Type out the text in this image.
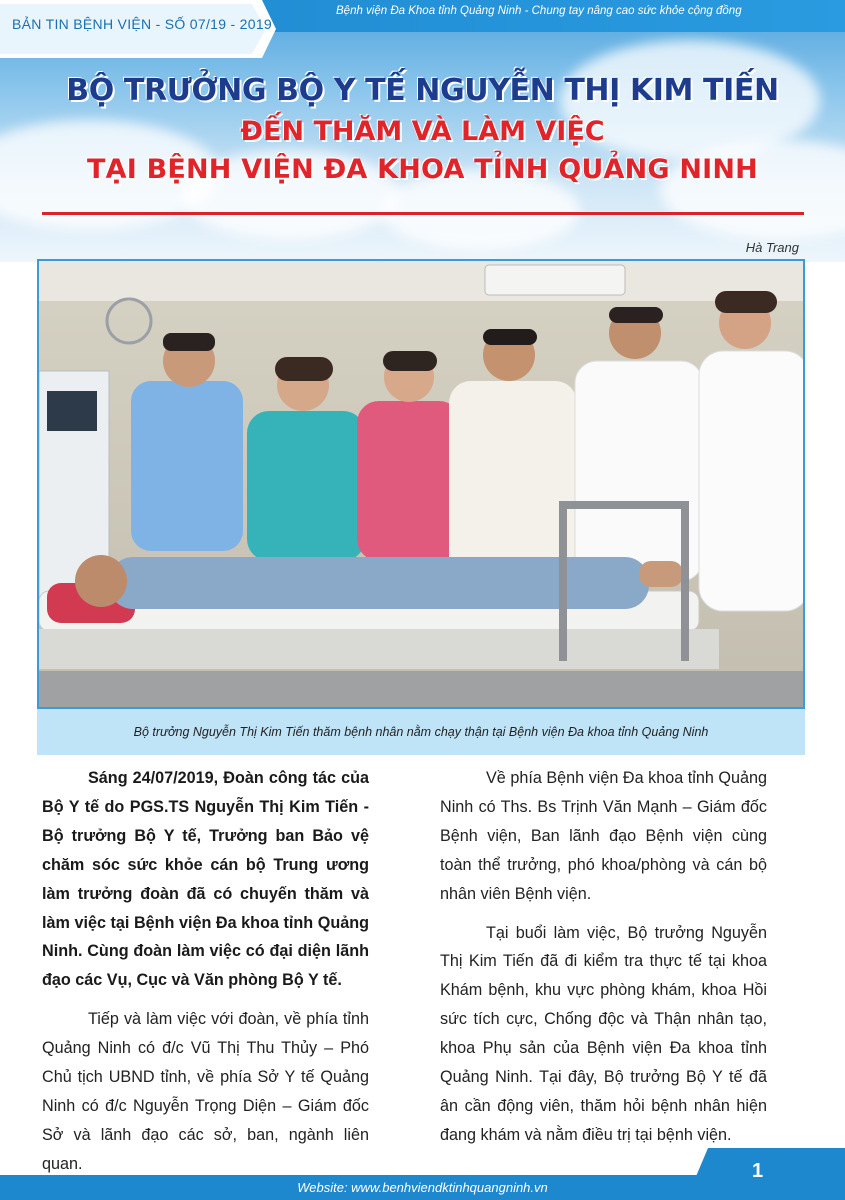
BẢN TIN BỆNH VIỆN - SỐ 07/19 - 2019
Bệnh viện Đa Khoa tỉnh Quảng Ninh - Chung tay nâng cao sức khỏe cộng đồng
BỘ TRƯỞNG BỘ Y TẾ NGUYỄN THỊ KIM TIẾN
ĐẾN THĂM VÀ LÀM VIỆC
TẠI BỆNH VIỆN ĐA KHOA TỈNH QUẢNG NINH
Hà Trang
Bộ trưởng Nguyễn Thị Kim Tiến thăm bệnh nhân nằm chạy thận tại Bệnh viện Đa khoa tỉnh Quảng Ninh

Sáng 24/07/2019, Đoàn công tác của Bộ Y tế do PGS.TS Nguyễn Thị Kim Tiến - Bộ trưởng Bộ Y tế, Trưởng ban Bảo vệ chăm sóc sức khỏe cán bộ Trung ương làm trưởng đoàn đã có chuyến thăm và làm việc tại Bệnh viện Đa khoa tỉnh Quảng Ninh. Cùng đoàn làm việc có đại diện lãnh đạo các Vụ, Cục và Văn phòng Bộ Y tế.

Tiếp và làm việc với đoàn, về phía tỉnh Quảng Ninh có đ/c Vũ Thị Thu Thủy – Phó Chủ tịch UBND tỉnh, về phía Sở Y tế Quảng Ninh có đ/c Nguyễn Trọng Diện – Giám đốc Sở và lãnh đạo các sở, ban, ngành liên quan.

Về phía Bệnh viện Đa khoa tỉnh Quảng Ninh có Ths. Bs Trịnh Văn Mạnh – Giám đốc Bệnh viện, Ban lãnh đạo Bệnh viện cùng toàn thể trưởng, phó khoa/phòng và cán bộ nhân viên Bệnh viện.

Tại buổi làm việc, Bộ trưởng Nguyễn Thị Kim Tiến đã đi kiểm tra thực tế tại khoa Khám bệnh, khu vực phòng khám, khoa Hồi sức tích cực, Chống độc và Thận nhân tạo, khoa Phụ sản của Bệnh viện Đa khoa tỉnh Quảng Ninh. Tại đây, Bộ trưởng Bộ Y tế đã ân cần động viên, thăm hỏi bệnh nhân hiện đang khám và nằm điều trị tại bệnh viện.

1
Website: www.benhviendktinhquangninh.vn
